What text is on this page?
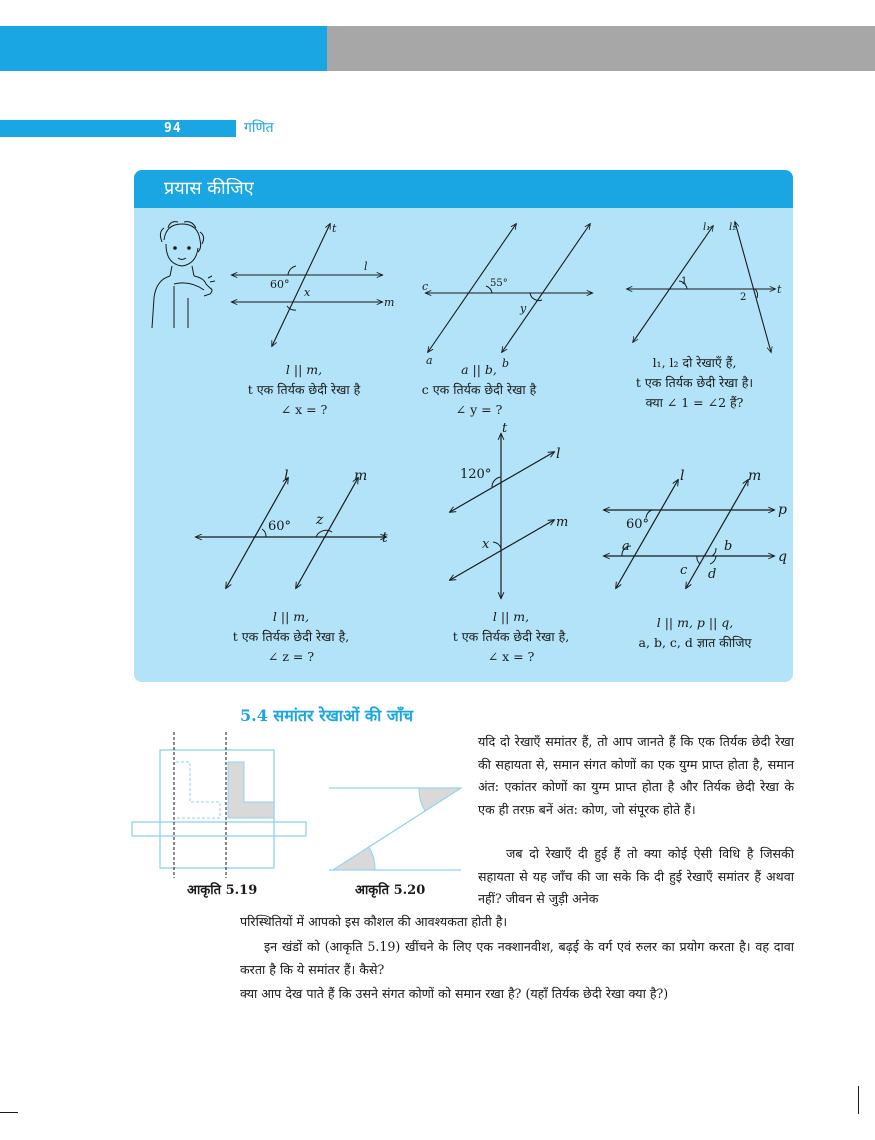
94	गणित
प्रयास कीजिए
t
l
m
60°
x
l || m,
t एक तिर्यक छेदी रेखा है
∠ x = ?
c
a	b
55°
y
a || b,
c एक तिर्यक छेदी रेखा है
∠ y = ?
l₁ l₂
t
1
2
l₁, l₂ दो रेखाएँ हैं,
t एक तिर्यक छेदी रेखा है।
क्या ∠ 1 = ∠2 हैं?
l	m
t
60° z
l || m,
t एक तिर्यक छेदी रेखा है,
∠ z = ?
t
l
m
120°
x
l || m,
t एक तिर्यक छेदी रेखा है,
∠ x = ?
l	m
p
q
60°
a	b
c d
l || m, p || q,
a, b, c, d ज्ञात कीजिए
5.4 समांतर रेखाओं की जाँच
आकृति 5.19	आकृति 5.20
यदि दो रेखाएँ समांतर हैं, तो आप जानते हैं कि एक तिर्यक छेदी रेखा की सहायता से, समान संगत कोणों का एक युग्म प्राप्त होता है, समान अंत: एकांतर कोणों का युग्म प्राप्त होता है और तिर्यक छेदी रेखा के एक ही तरफ़ बनें अंत: कोण, जो संपूरक होते हैं।
जब दो रेखाएँ दी हुई हैं तो क्या कोई ऐसी विधि है जिसकी सहायता से यह जाँच की जा सके कि दी हुई रेखाएँ समांतर हैं अथवा नहीं? जीवन से जुड़ी अनेक
परिस्थितियों में आपको इस कौशल की आवश्यकता होती है।
इन खंडों को (आकृति 5.19) खींचने के लिए एक नक्शानवीश, बढ़ई के वर्ग एवं रुलर का प्रयोग करता है। वह दावा करता है कि ये समांतर हैं। कैसे?
क्या आप देख पाते हैं कि उसने संगत कोणों को समान रखा है? (यहाँ तिर्यक छेदी रेखा क्या है?)
